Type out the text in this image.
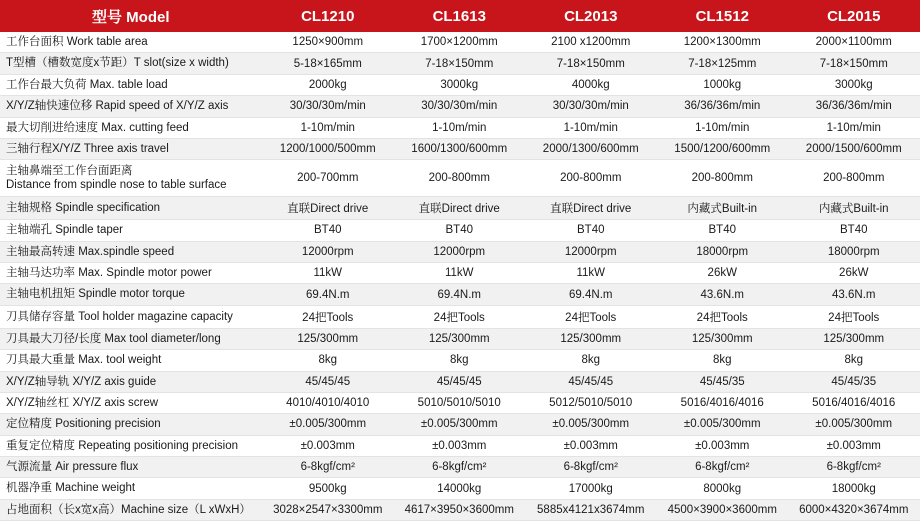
型号 Model	CL1210	CL1613	CL2013	CL1512	CL2015
工作台面积 Work table area	1250×900mm	1700×1200mm	2100 x1200mm	1200×1300mm	2000×1100mm
T型槽（槽数宽度x节距）T slot(size x width)	5-18×165mm	7-18×150mm	7-18×150mm	7-18×125mm	7-18×150mm
工作台最大负荷 Max. table load	2000kg	3000kg	4000kg	1000kg	3000kg
X/Y/Z轴快速位移 Rapid speed of X/Y/Z axis	30/30/30m/min	30/30/30m/min	30/30/30m/min	36/36/36m/min	36/36/36m/min
最大切削进给速度 Max. cutting feed	1-10m/min	1-10m/min	1-10m/min	1-10m/min	1-10m/min
三轴行程X/Y/Z Three axis travel	1200/1000/500mm	1600/1300/600mm	2000/1300/600mm	1500/1200/600mm	2000/1500/600mm

主轴鼻端至工作台面距离
Distance from spindle nose to table surface	200-700mm	200-800mm	200-800mm	200-800mm	200-800mm
主轴规格 Spindle specification	直联Direct drive	直联Direct drive	直联Direct drive	内藏式Built-in	内藏式Built-in
主轴端孔 Spindle taper	BT40	BT40	BT40	BT40	BT40
主轴最高转速 Max.spindle speed	12000rpm	12000rpm	12000rpm	18000rpm	18000rpm
主轴马达功率 Max. Spindle motor power	11kW	11kW	11kW	26kW	26kW
主轴电机扭矩 Spindle motor torque	69.4N.m	69.4N.m	69.4N.m	43.6N.m	43.6N.m
刀具储存容量 Tool holder magazine capacity	24把Tools	24把Tools	24把Tools	24把Tools	24把Tools
刀具最大刀径/长度 Max tool diameter/long	125/300mm	125/300mm	125/300mm	125/300mm	125/300mm
刀具最大重量 Max. tool weight	8kg	8kg	8kg	8kg	8kg
X/Y/Z轴导轨 X/Y/Z axis guide	45/45/45	45/45/45	45/45/45	45/45/35	45/45/35
X/Y/Z轴丝杠 X/Y/Z axis screw	4010/4010/4010	5010/5010/5010	5012/5010/5010	5016/4016/4016	5016/4016/4016
定位精度 Positioning precision	±0.005/300mm	±0.005/300mm	±0.005/300mm	±0.005/300mm	±0.005/300mm
重复定位精度 Repeating positioning precision	±0.003mm	±0.003mm	±0.003mm	±0.003mm	±0.003mm
气源流量 Air pressure flux	6-8kgf/cm²	6-8kgf/cm²	6-8kgf/cm²	6-8kgf/cm²	6-8kgf/cm²
机器净重 Machine weight	9500kg	14000kg	17000kg	8000kg	18000kg
占地面积（长x宽x高）Machine size（L xWxH）	3028×2547×3300mm	4617×3950×3600mm	5885x4121x3674mm	4500×3900×3600mm	6000×4320×3674mm
